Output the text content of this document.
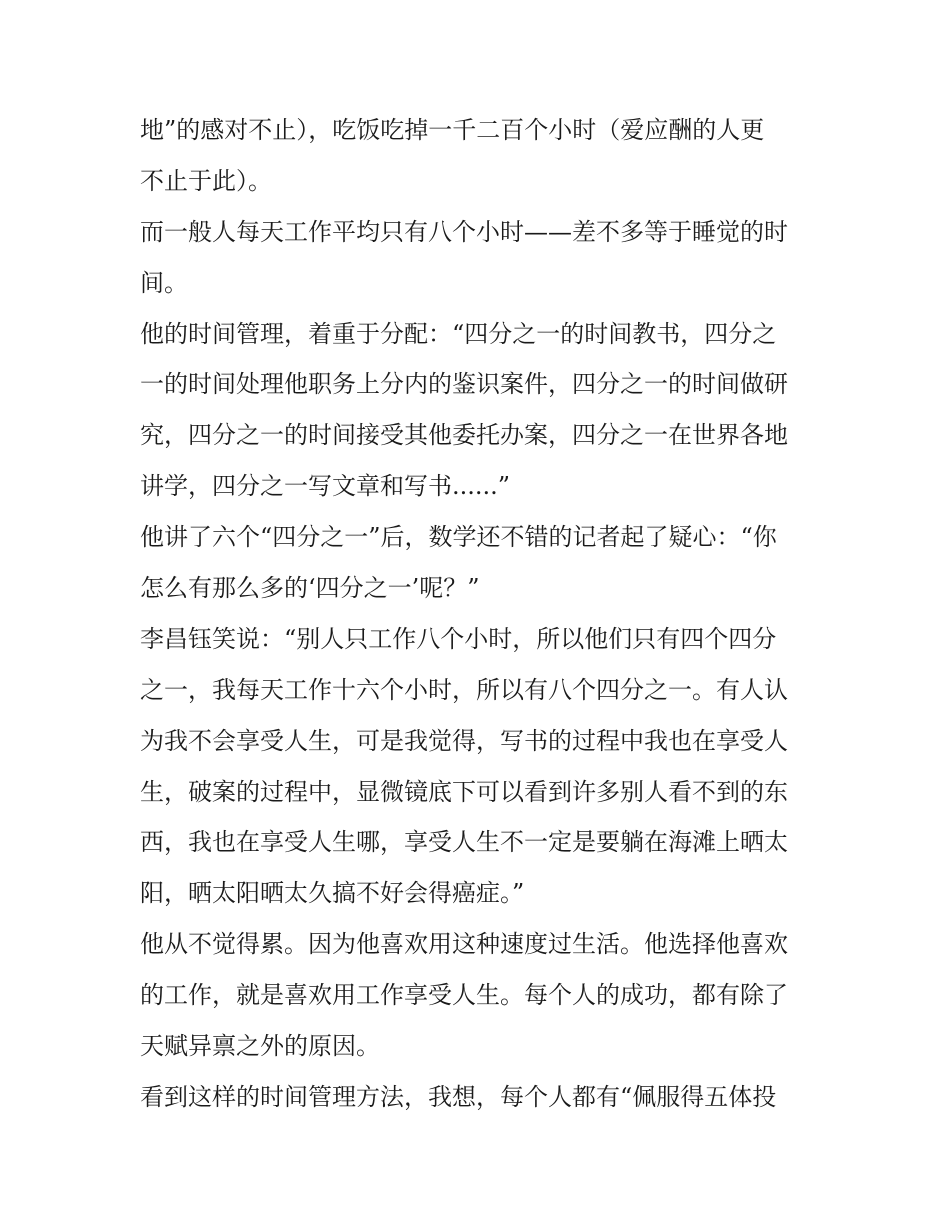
地”的感对不止），吃饭吃掉一千二百个小时（爱应酬的人更
不止于此）。
而一般人每天工作平均只有八个小时——差不多等于睡觉的时
间。
他的时间管理，着重于分配：“四分之一的时间教书，四分之
一的时间处理他职务上分内的鉴识案件，四分之一的时间做研
究，四分之一的时间接受其他委托办案，四分之一在世界各地
讲学，四分之一写文章和写书......”
他讲了六个“四分之一”后，数学还不错的记者起了疑心：“你
怎么有那么多的‘四分之一’呢？”
李昌钰笑说：“别人只工作八个小时，所以他们只有四个四分
之一，我每天工作十六个小时，所以有八个四分之一。有人认
为我不会享受人生，可是我觉得，写书的过程中我也在享受人
生，破案的过程中，显微镜底下可以看到许多别人看不到的东
西，我也在享受人生哪，享受人生不一定是要躺在海滩上晒太
阳，晒太阳晒太久搞不好会得癌症。”
他从不觉得累。因为他喜欢用这种速度过生活。他选择他喜欢
的工作，就是喜欢用工作享受人生。每个人的成功，都有除了
天赋异禀之外的原因。
看到这样的时间管理方法，我想，每个人都有“佩服得五体投
